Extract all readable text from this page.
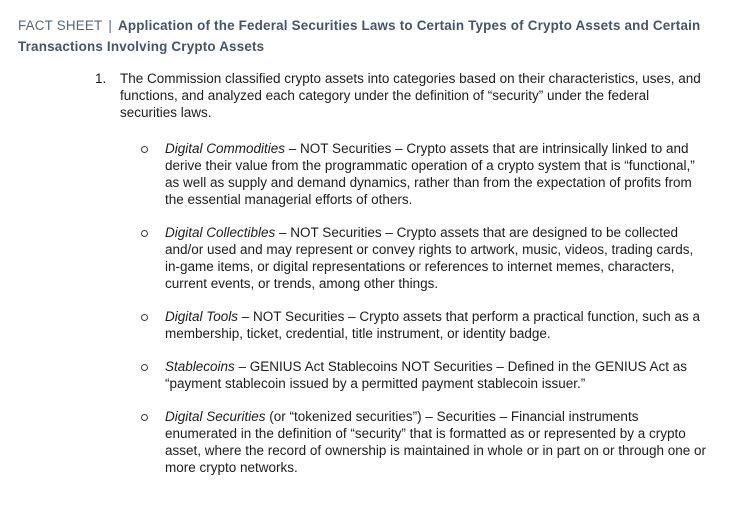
FACT SHEET | Application of the Federal Securities Laws to Certain Types of Crypto Assets and Certain Transactions Involving Crypto Assets
1.	The Commission classified crypto assets into categories based on their characteristics, uses, and functions, and analyzed each category under the definition of “security” under the federal securities laws.
Digital Commodities – NOT Securities – Crypto assets that are intrinsically linked to and derive their value from the programmatic operation of a crypto system that is “functional,” as well as supply and demand dynamics, rather than from the expectation of profits from the essential managerial efforts of others.
Digital Collectibles – NOT Securities – Crypto assets that are designed to be collected and/or used and may represent or convey rights to artwork, music, videos, trading cards, in-game items, or digital representations or references to internet memes, characters, current events, or trends, among other things.
Digital Tools – NOT Securities – Crypto assets that perform a practical function, such as a membership, ticket, credential, title instrument, or identity badge.
Stablecoins – GENIUS Act Stablecoins NOT Securities – Defined in the GENIUS Act as “payment stablecoin issued by a permitted payment stablecoin issuer.”
Digital Securities (or “tokenized securities”) – Securities – Financial instruments enumerated in the definition of “security” that is formatted as or represented by a crypto asset, where the record of ownership is maintained in whole or in part on or through one or more crypto networks.
